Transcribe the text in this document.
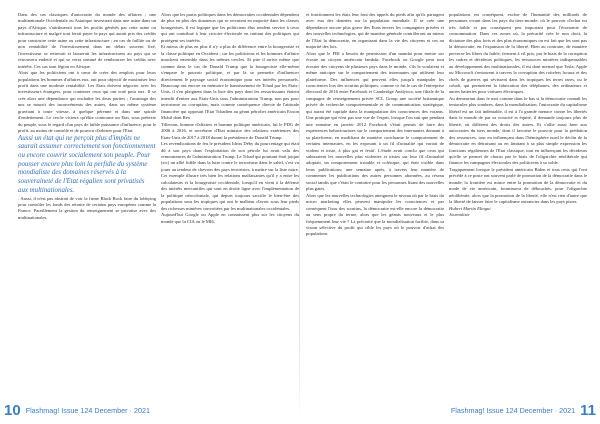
Dans des cas classiques d'autocratie du monde des affaires ; une multinationale Occidentale ou Asiatique investirait dans une usine dans un pays d'Afrique, s'attribuerait tous les profits générés par cette usine ou infrastructure et malgré tout ferait payer le pays qui aurait pris des crédits pour construire cette usine ou cette infrastructure ; en cas de faillite ou de non rentabilité de l'investissement dans un délais souvent fixé, l'investisseur se retirerait et laisserait les infrastructures au pays qui se retrouvera endetté et qui se verra sommé de rembourser les crédits avec intérêts. Ces cas sont légion en Afrique.

Alors que les politiciens ont à cœur de créer des emplois pour leurs populations les hommes d'affaires eux, ont pour objectif de maximiser leur profit dans une modeste rentabilité. Les Etats doivent négocier avec les investisseurs étrangers, pour contenter ceux qui ont voté pour eux. Il se crée alors une dépendance qui enchaîne les deux parties ; l'avantage des uns se nourrit des inconvénients des autres, dans un même système gravitant à toute vitesse, à quelque pérenne et dans une spirale d'endettement. Le cercle vicieux qu'élite contourne un Etat, sous prétexte du peuple, sous le regard d'un pays de faible puissance d'influence, pour le profit, au moins de contrôle et de pouvoir d'arbitrer pour l'Etat.

Aussi un état qui ne perçoit plus d'impôts ne saurait assumer correctement son fonctionnement ou encore couvrir socialement son peuple. Pour pousser encore plus loin la perfidie du système mondialiste des domaines réservés à la souveraineté de l'Etat régalien sont privatisés aux multinationales.

. Aussi, il n'est pas abstrait de voir la firme Black Rock faire du lobbying pour contrôler les fonds des retraite de certains pays européens comme la France. Pareillement la gestion du renseignement se privatise avec des multinationales.

Alors que les partis politiques dans les démocraties occidentales dépendent de plus en plus des donateurs qui se recrutent en majorité dans les classes bourgeoises, il est logique que les politiciens élus rendent service à ceux qui ont contribué à leur victoire électorale en initiant des politiques qui protègent ses intérêts.

Et mieux de plus en plus il n'y a plus de différence entre la bourgeoisie et la classe politique en Occident ; car les politiciens et les hommes d'affaire marchent ensemble dans les mêmes cercles. Et pire il arrive même que comme dans le cas de Donald Trump que la bourgeoisie elle-même s'empare le pouvoir politique, et par là se permette d'influencer directement le paysage social économique pour ses intérêts personnels. Beaucoup ont encore en mémoire le bannissement de Tchad par les Etats-Unis, il s'en plaignent dans la liste des pays dont les ressortissants étaient interdit d'entrer aux Etats-Unis sous l'administration Trump, non pas pour terrorisme ou corruption, mais comme conséquence directe de l'attitude financière qui opposait l'Etat Tchadien au géant pétrolier américain Exxon Mobil dont Rex

Tillerson, homme d'affaires et homme politique américain, fut le PDG de 2006 à 2016, et secrétaire d'Etat ministre des relations extérieures des Etats-Unis de 2017 à 2018 durant la présidence de Donald Trump.

Les revendications de feu le président Idriss Déby du pourcentage qui était dû à son pays dans l'exploitation de son pétrole lui avait valu des remontrances de l'administration Trump. Le Tchad qui pourtant était joique (sic) un allié fidèle dans la lutte contre le terrorisme dans le sahel, s'est vu jouer au tendeur de chevron des pays terroristes, à mettre sur la liste noire. Cet exemple illustre très bien les relations malfaisantes qu'il y a entre les calculateurs et la bourgeoisie occidentale, lorsqu'il en vient à la défense des intérêts mercantiles qui sont en droite ligne avec l'implémentation de la politique néocoloniale, qui depuis toujours sacrifie le bien-être des populations sous les tropiques qui ont le malheur d'avoir sous leur pieds des richesses minières convoitées par les multinationales occidentales.

Aujourd'hui Google ou Apple en connaissent plus sur les citoyens du monde que la CIA ou le MI6,

et fonctionnent les états leur font des appels du pieds afin qu'ils partagent avec eux des données sur la population mondiale. Il se crée une dépendance encore plus grave des Etats envers les compagnies privées et des nouvelles technologies, qui de manière générale contrôleront au mieux de l'Etat la démocratie, en organisant dans la vie des citoyens et ces au majorité des lois.

Alors que le FBI a besoin de permission d'un mandat pour mettre sur écoute un citoyen américain lambda, Facebook ou Google peut tout écouter des citoyens de plusieurs pays dans le monde, s'ils le voulaient et même anticiper sur le comportement des internautes qui utilisent leur plateforme. Des influences qui peuvent elles jusqu'à manipuler les consciences lors des scrutins politiques, comme ce fut le cas de l'entreprise électoral de 2016 entre Facebook et Cambridge Analytica, une filiale de la campagne de renseignement privée SCL Group une société britannique privée de recherche comportementale et de communication stratégique, qui aurait été capitale dans la manipulation des consciences des votants. Une pratique qui n'est pas une vue de l'esprit, lorsque l'on sait que pendant une semaine en janvier 2012 Facebook s'était permis de faire des expériences behaviouristes sur le comportement des internautes donnant à sa plateforme, en modifiant de manière concluante le comportement de certains internautes, en les exposant à un fil d'actualité qui variait de violent et triste, à plus gai et festif. L'étude avait conclu que ceux qui subissaient les nouvelles plus violentes et tristes sur leur fil d'actualité adoptait, un comportement irritable et colérique, qui était visible dans leurs publications; une semaine après, à travers leur manière de commenter les publications des autres personnes abonnées, au réseau social tandis que c'était le contraire pour les personnes lisant des nouvelles plus gaies.

Alors que les nouvelles technologies atteignent le niveau où par le biais du micro marketing elles peuvent manipuler les consciences et par conséquent l'issu des scrutins, la démocratie est-elle encore la démocratie au sens propre du terme, alors que les géants nouveaux et le plus fréquemment leur vie ? La précarité que la mondialisation facilite, dans sa vision sélective du profit qui cible les pays où le pouvoir d'achat des populations

populations est conséquent, exclue de l'humanité des milliards de personnes vivant dans les pays du tiers-monde, où le pouvoir d'achat est très faible et par conséquent peu important pour l'économie de consommation. Dans ces zones où, la précarité crée le non droit, la dictature des plus forts et des plus économiques on est fait que les sont pas la démocratie, en l'expansion de la liberté. Bien au contraire, de manière perverse les libres du faible, ferment à vil prix, par le biais de la corruption les cadres et décideurs politiques, les ressources minières indispensables au développement des multinationales, il est dont normal que Tesla, Apple ou Microsoft s'entourent à travers la corruption des roitelets locaux et des chefs de guerres qui sévissent dans les tropiques les terres rares, ou le cobalt, qui permettent la fabrication des téléphones, des ordinateurs et autres batteries pour voitures électriques.

Au demeurant dans le moi comme dans le bas si la démocratie connaît les tentacules plus sombres, dans la mondialisation, l'autocratie du capitalisme libéral est un fait indéniable, il est à l'a grande menace contre les libertés dans le monde de par sa voracité et équité, il demande toujours plus de liberté, où différent des droits des autres. Et s'allie aussi bien aux autocraties du tiers monde, dont il favorise le pouvoir pour la prédation des ressources, tour en influençant dans l'hémisphère nord le déclin de la démocratie en détruisant ou en limitant à sa plus simple expression les fonctions régaliennes de l'Etat classique, tout en influençant les décideurs qu'elle se permet de choisir par le biais de l'oligarchie néolibérale qui finance les campagnes électorales des politiciens à sa solde.

Tragiquement lorsque le président américain Biden et tous ceux qui l'ont précédé à ce poste ont souvent parlé de promotion de la démocratie dans le monde, la frontière est mince entre la promotion de la démocratie et du mode de vie américain, fournisseur de débouchés, pour l'oligarchie néolibérale, alors que la promotion de la liberté, elle n'est rien d'autre que la liberté de laisser faire le capitalisme outrancier dans les pays pistes.

Hubert Martin Elingui

Journaliste

10 Flashmag! Issue 124 December · 2021	Flashmag! Issue 124 December · 2021 11
